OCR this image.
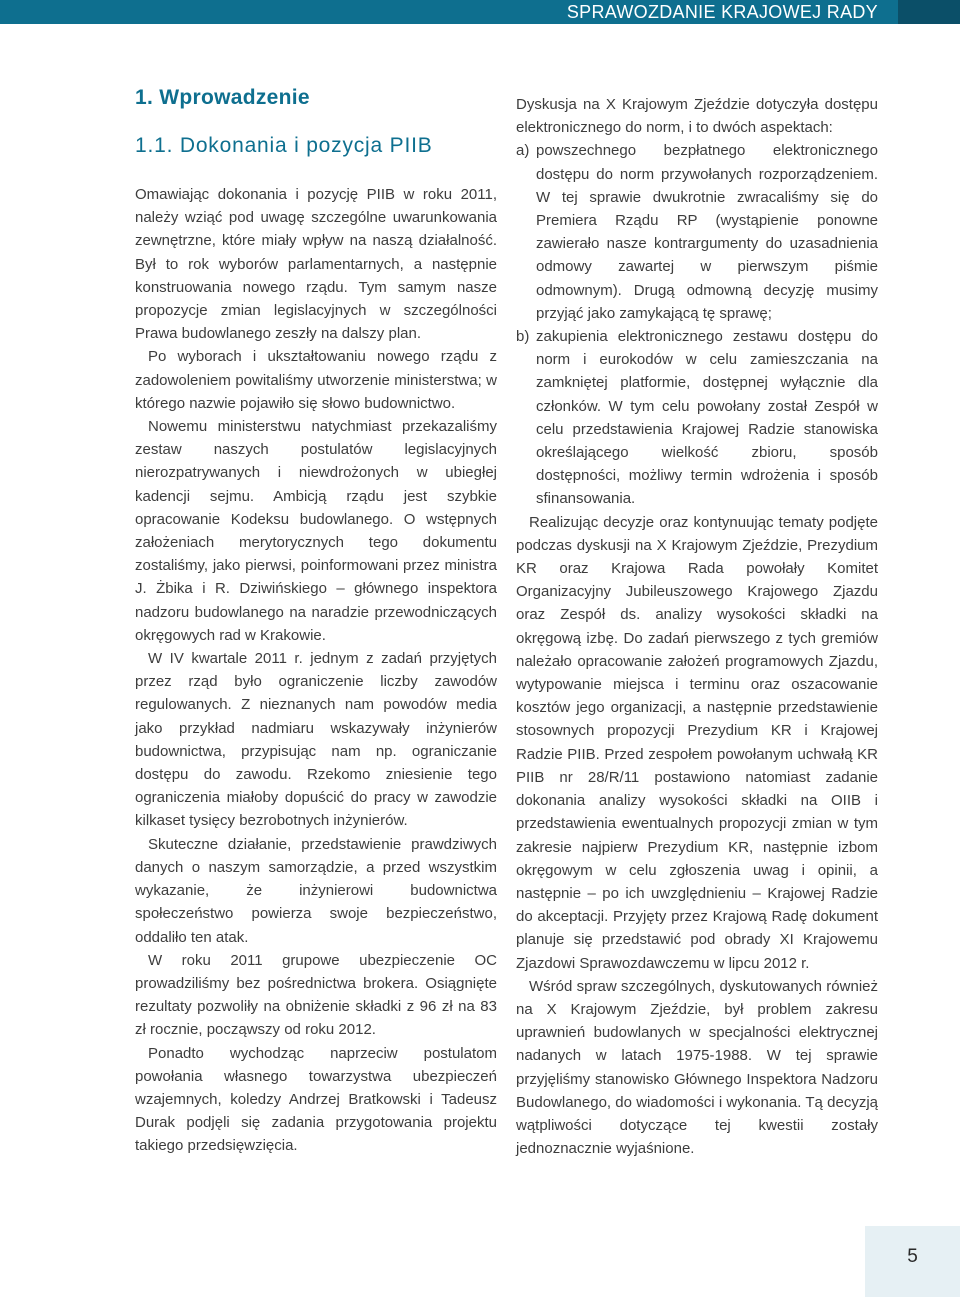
SPRAWOZDANIE KRAJOWEJ RADY
1. Wprowadzenie
1.1. Dokonania i pozycja PIIB

Omawiając dokonania i pozycję PIIB w roku 2011, należy wziąć pod uwagę szczególne uwarunkowania zewnętrzne, które miały wpływ na naszą działalność. Był to rok wyborów parlamentarnych, a następnie konstruowania nowego rządu. Tym samym nasze propozycje zmian legislacyjnych w szczególności Prawa budowlanego zeszły na dalszy plan.

Po wyborach i ukształtowaniu nowego rządu z zadowoleniem powitaliśmy utworzenie ministerstwa; w którego nazwie pojawiło się słowo budownictwo.

Nowemu ministerstwu natychmiast przekazaliśmy zestaw naszych postulatów legislacyjnych nierozpatrywanych i niewdrożonych w ubiegłej kadencji sejmu. Ambicją rządu jest szybkie opracowanie Kodeksu budowlanego. O wstępnych założeniach merytorycznych tego dokumentu zostaliśmy, jako pierwsi, poinformowani przez ministra J. Żbika i R. Dziwińskiego – głównego inspektora nadzoru budowlanego na naradzie przewodniczących okręgowych rad w Krakowie.

W IV kwartale 2011 r. jednym z zadań przyjętych przez rząd było ograniczenie liczby zawodów regulowanych. Z nieznanych nam powodów media jako przykład nadmiaru wskazywały inżynierów budownictwa, przypisując nam np. ograniczanie dostępu do zawodu. Rzekomo zniesienie tego ograniczenia miałoby dopuścić do pracy w zawodzie kilkaset tysięcy bezrobotnych inżynierów.

Skuteczne działanie, przedstawienie prawdziwych danych o naszym samorządzie, a przed wszystkim wykazanie, że inżynierowi budownictwa społeczeństwo powierza swoje bezpieczeństwo, oddaliło ten atak.

W roku 2011 grupowe ubezpieczenie OC prowadziliśmy bez pośrednictwa brokera. Osiągnięte rezultaty pozwoliły na obniżenie składki z 96 zł na 83 zł rocznie, począwszy od roku 2012.

Ponadto wychodząc naprzeciw postulatom powołania własnego towarzystwa ubezpieczeń wzajemnych, koledzy Andrzej Bratkowski i Tadeusz Durak podjęli się zadania przygotowania projektu takiego przedsięwzięcia.

Dyskusja na X Krajowym Zjeździe dotyczyła dostępu elektronicznego do norm, i to dwóch aspektach:

a) powszechnego bezpłatnego elektronicznego dostępu do norm przywołanych rozporządzeniem. W tej sprawie dwukrotnie zwracaliśmy się do Premiera Rządu RP (wystąpienie ponowne zawierało nasze kontrargumenty do uzasadnienia odmowy zawartej w pierwszym piśmie odmownym). Drugą odmowną decyzję musimy przyjąć jako zamykającą tę sprawę;

b) zakupienia elektronicznego zestawu dostępu do norm i eurokodów w celu zamieszczania na zamkniętej platformie, dostępnej wyłącznie dla członków. W tym celu powołany został Zespół w celu przedstawienia Krajowej Radzie stanowiska określającego wielkość zbioru, sposób dostępności, możliwy termin wdrożenia i sposób sfinansowania.

Realizując decyzje oraz kontynuując tematy podjęte podczas dyskusji na X Krajowym Zjeździe, Prezydium KR oraz Krajowa Rada powołały Komitet Organizacyjny Jubileuszowego Krajowego Zjazdu oraz Zespół ds. analizy wysokości składki na okręgową izbę. Do zadań pierwszego z tych gremiów należało opracowanie założeń programowych Zjazdu, wytypowanie miejsca i terminu oraz oszacowanie kosztów jego organizacji, a następnie przedstawienie stosownych propozycji Prezydium KR i Krajowej Radzie PIIB. Przed zespołem powołanym uchwałą KR PIIB nr 28/R/11 postawiono natomiast zadanie dokonania analizy wysokości składki na OIIB i przedstawienia ewentualnych propozycji zmian w tym zakresie najpierw Prezydium KR, następnie izbom okręgowym w celu zgłoszenia uwag i opinii, a następnie – po ich uwzględnieniu – Krajowej Radzie do akceptacji. Przyjęty przez Krajową Radę dokument planuje się przedstawić pod obrady XI Krajowemu Zjazdowi Sprawozdawczemu w lipcu 2012 r.

Wśród spraw szczególnych, dyskutowanych również na X Krajowym Zjeździe, był problem zakresu uprawnień budowlanych w specjalności elektrycznej nadanych w latach 1975-1988. W tej sprawie przyjęliśmy stanowisko Głównego Inspektora Nadzoru Budowlanego, do wiadomości i wykonania. Tą decyzją wątpliwości dotyczące tej kwestii zostały jednoznacznie wyjaśnione.

5
